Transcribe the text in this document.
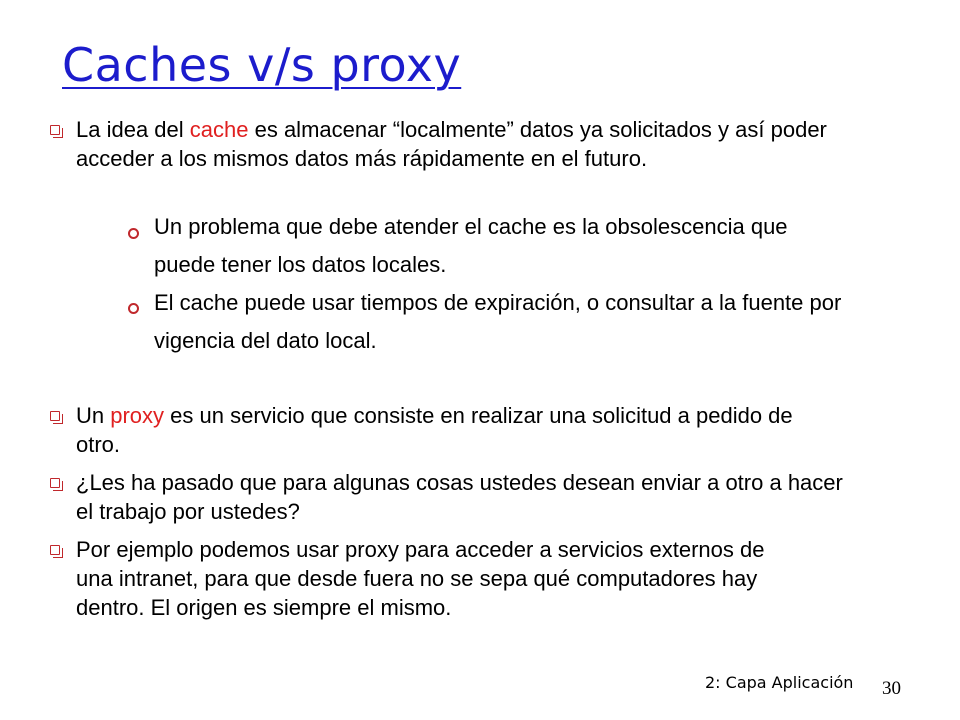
Caches v/s proxy
La idea del cache es almacenar “localmente” datos ya solicitados y así poder acceder a los mismos datos más rápidamente en el futuro.
Un problema que debe atender el cache es la obsolescencia que puede tener los datos locales.
El cache puede usar tiempos de expiración, o consultar a la fuente por vigencia del dato local.
Un proxy es un servicio que consiste en realizar una solicitud a pedido de otro.
¿Les ha pasado que para algunas cosas ustedes desean enviar a otro a hacer el trabajo por ustedes?
Por ejemplo podemos usar proxy para acceder a servicios externos de una intranet, para que desde fuera no se sepa qué computadores hay dentro. El origen es siempre el mismo.
2: Capa Aplicación 30
